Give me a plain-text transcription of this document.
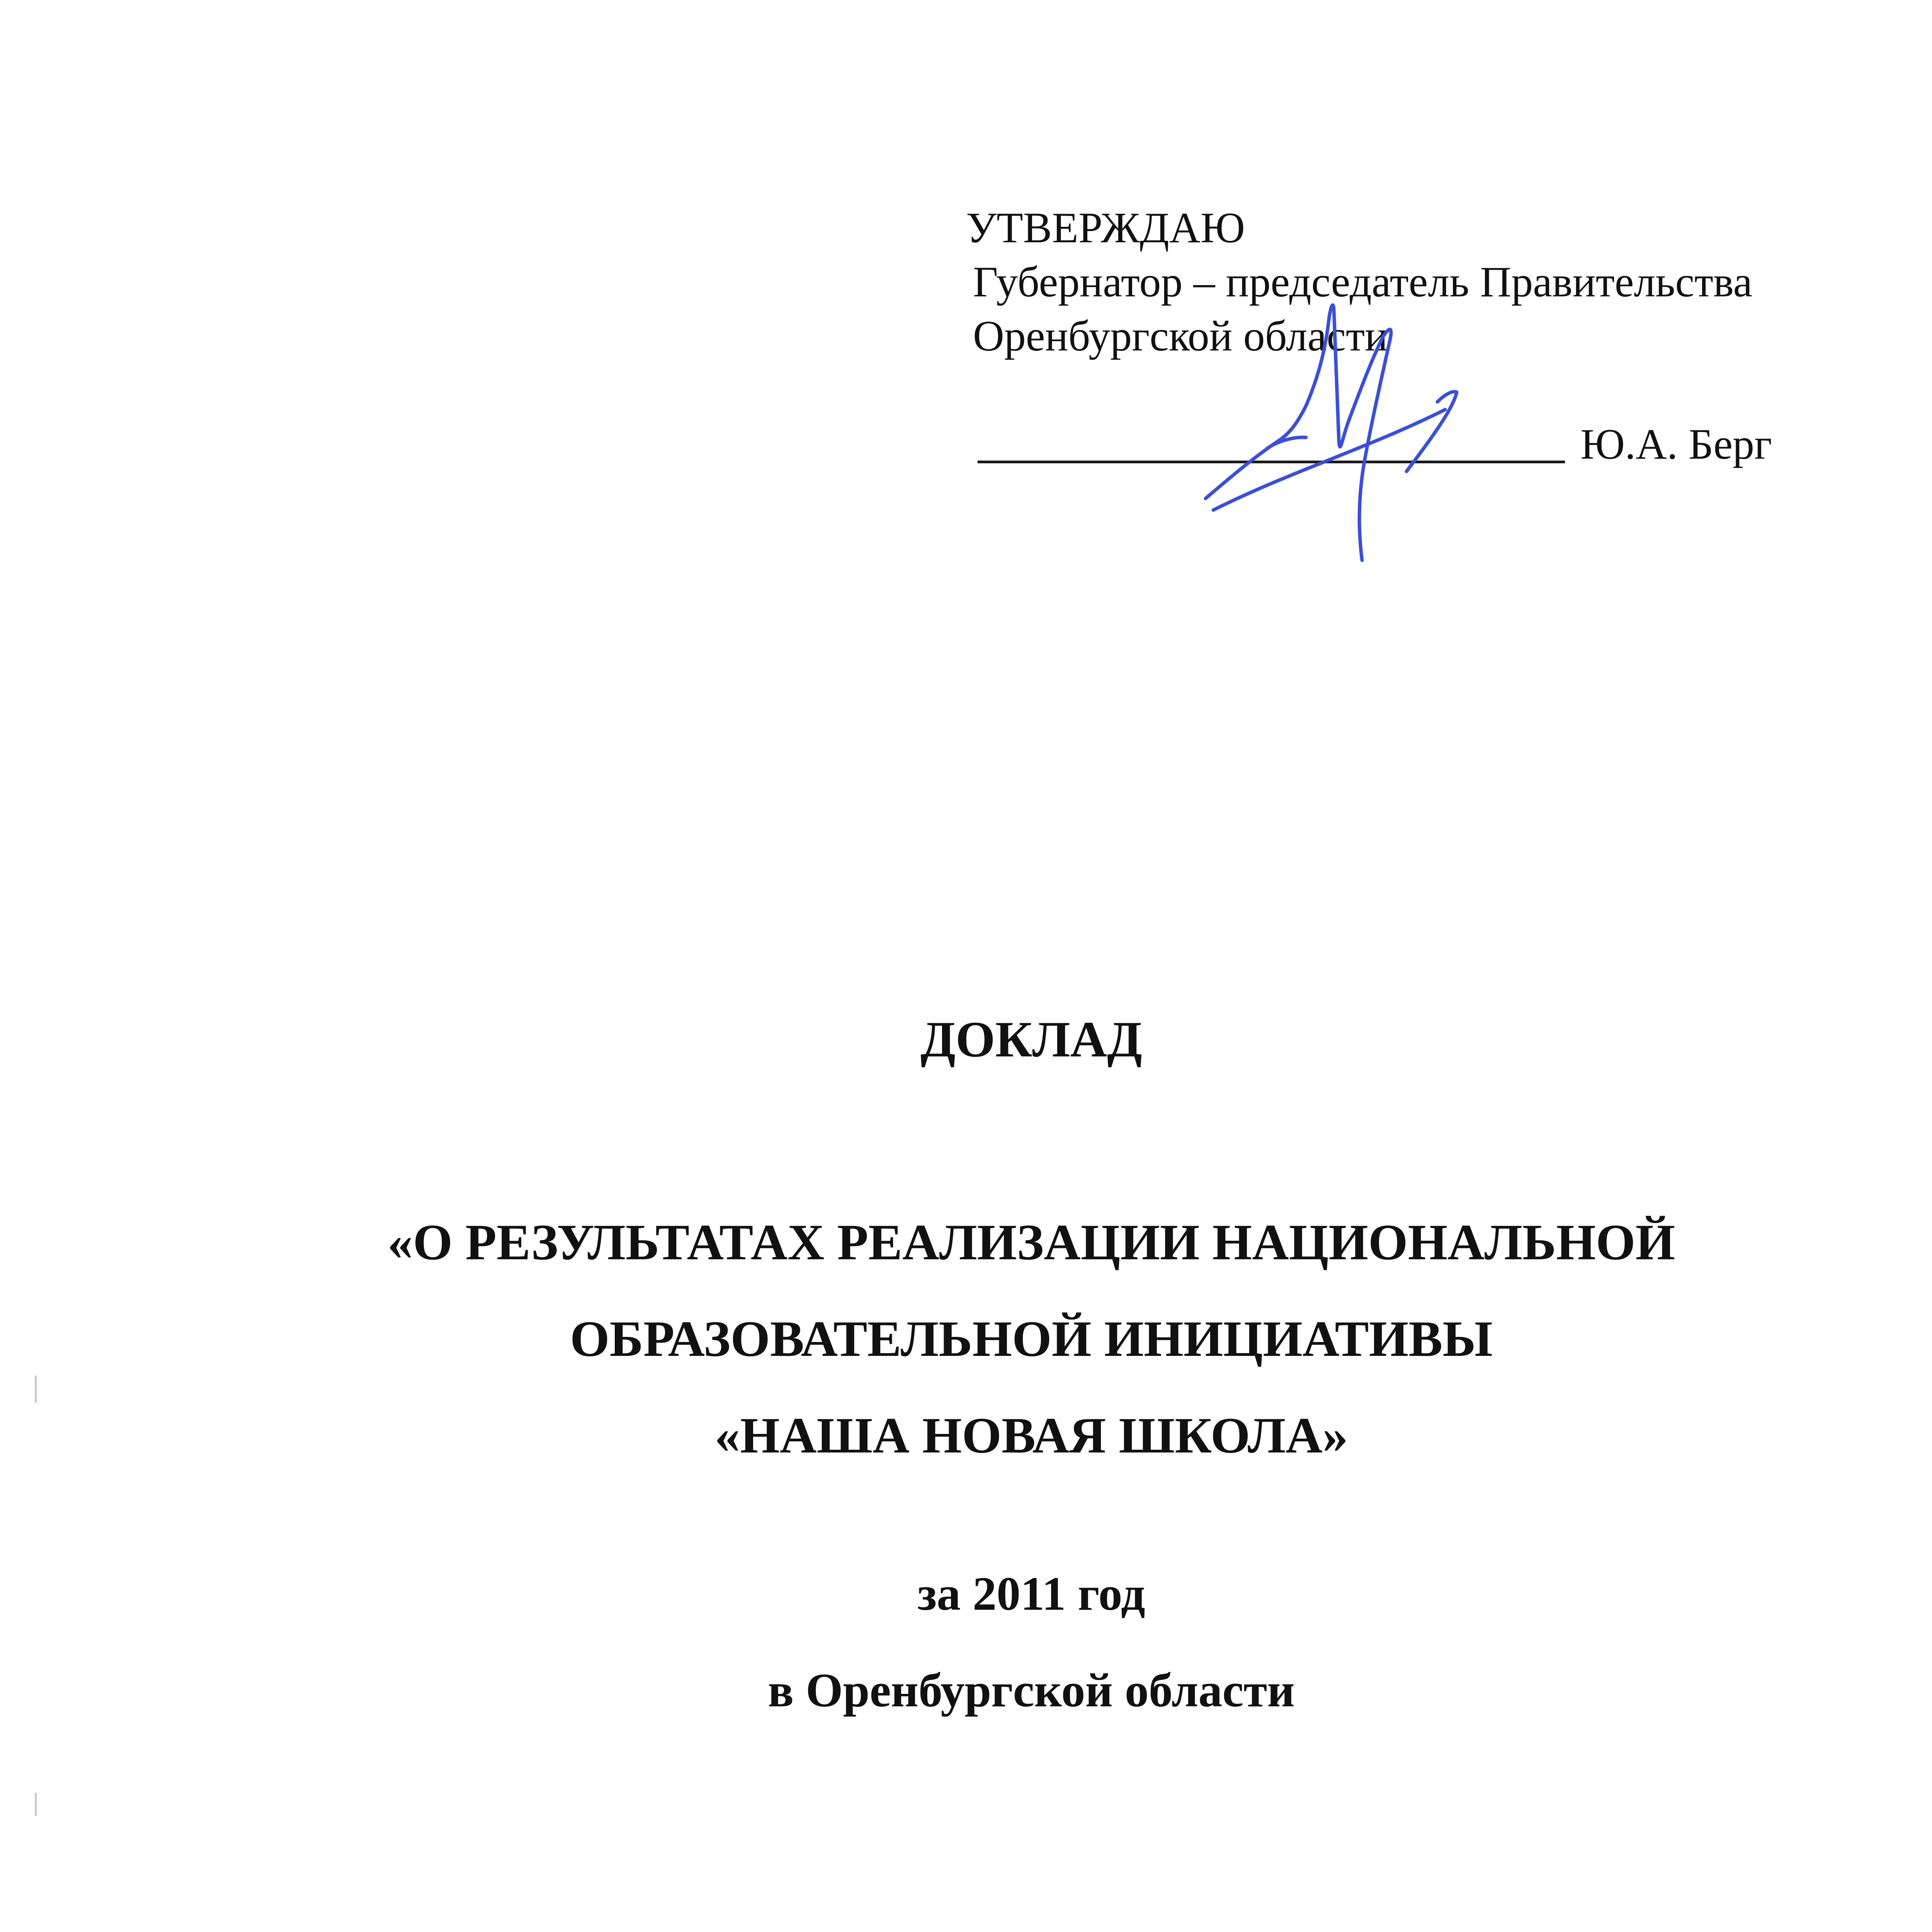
УТВЕРЖДАЮ
Губернатор – председатель Правительства
Оренбургской области
Ю.А. Берг
ДОКЛАД
«О РЕЗУЛЬТАТАХ РЕАЛИЗАЦИИ НАЦИОНАЛЬНОЙ
ОБРАЗОВАТЕЛЬНОЙ ИНИЦИАТИВЫ
«НАША НОВАЯ ШКОЛА»
за 2011 год
в Оренбургской области
